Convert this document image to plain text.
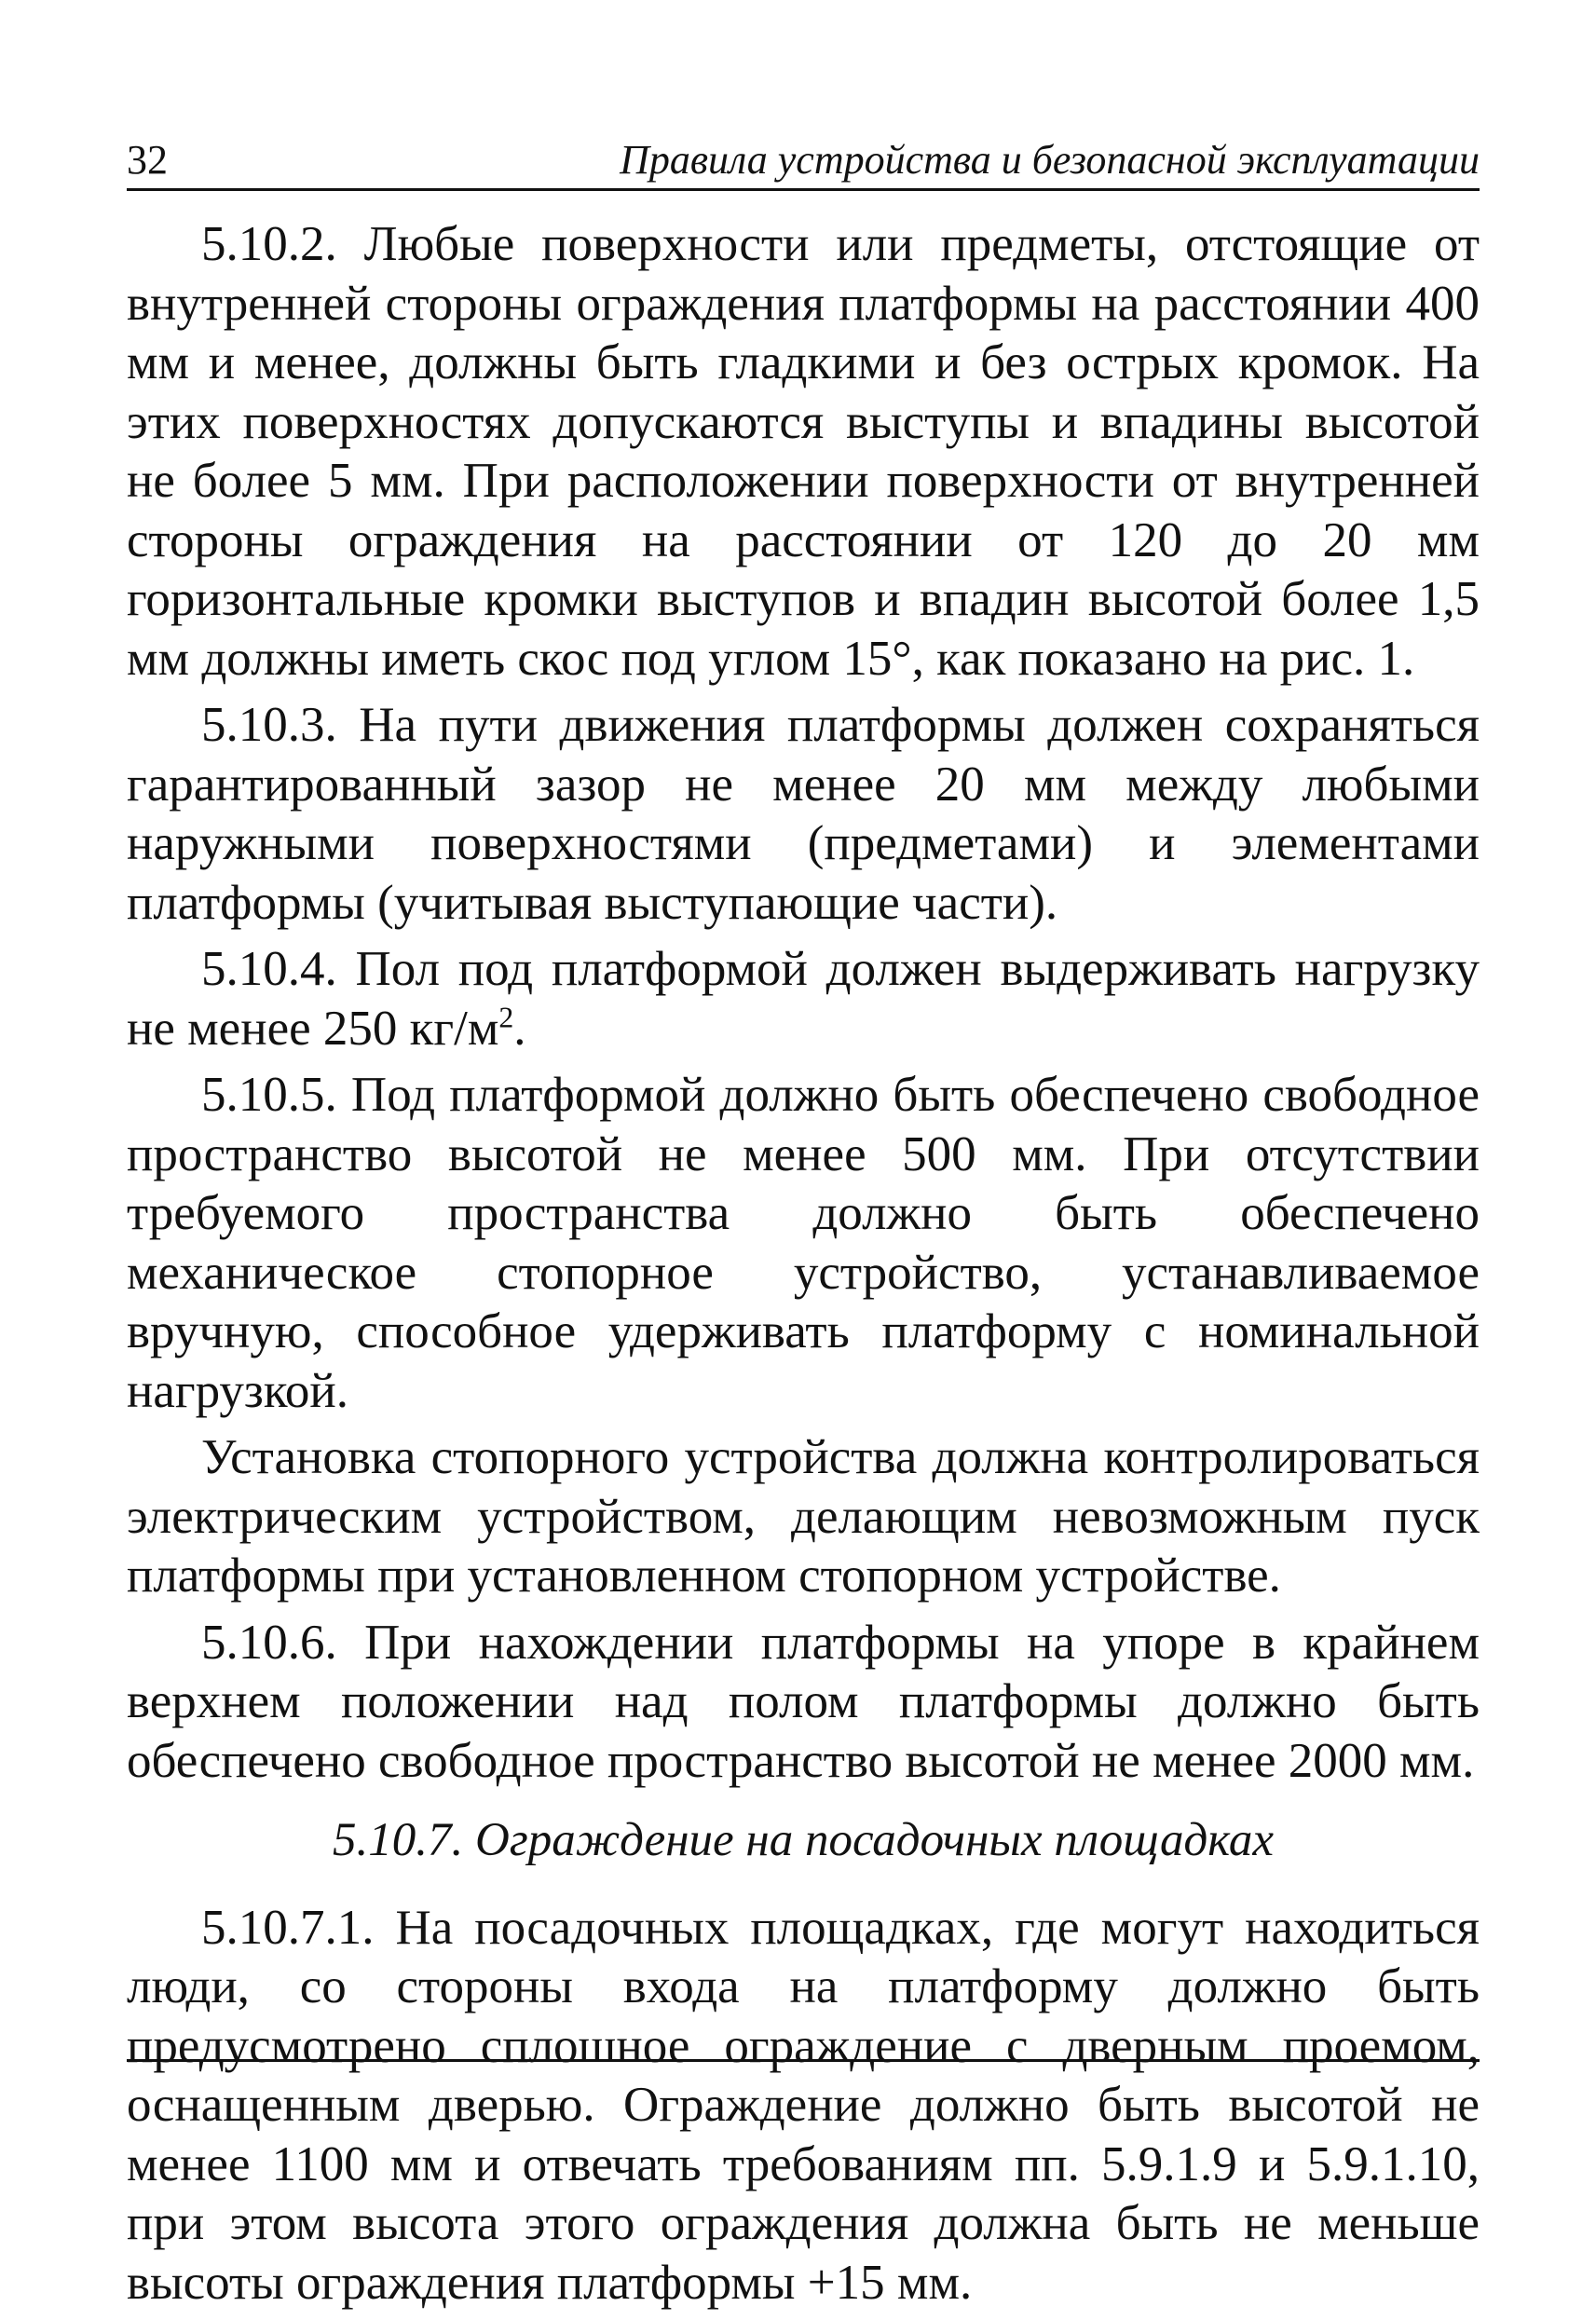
32	Правила устройства и безопасной эксплуатации

5.10.2. Любые поверхности или предметы, отстоящие от внутренней стороны ограждения платформы на расстоянии 400 мм и менее, должны быть гладкими и без острых кромок. На этих поверхностях допускаются выступы и впадины высотой не более 5 мм. При расположении поверхности от внутренней стороны ограждения на расстоянии от 120 до 20 мм горизонтальные кромки выступов и впадин высотой более 1,5 мм должны иметь скос под углом 15°, как показано на рис. 1.

5.10.3. На пути движения платформы должен сохраняться гарантированный зазор не менее 20 мм между любыми наружными поверхностями (предметами) и элементами платформы (учитывая выступающие части).

5.10.4. Пол под платформой должен выдерживать нагрузку не менее 250 $кг/м^2$.

5.10.5. Под платформой должно быть обеспечено свободное пространство высотой не менее 500 мм. При отсутствии требуемого пространства должно быть обеспечено механическое стопорное устройство, устанавливаемое вручную, способное удерживать платформу с номинальной нагрузкой.

Установка стопорного устройства должна контролироваться электрическим устройством, делающим невозможным пуск платформы при установленном стопорном устройстве.

5.10.6. При нахождении платформы на упоре в крайнем верхнем положении над полом платформы должно быть обеспечено свободное пространство высотой не менее 2000 мм.

5.10.7. Ограждение на посадочных площадках

5.10.7.1. На посадочных площадках, где могут находиться люди, со стороны входа на платформу должно быть предусмотрено сплошное ограждение с дверным проемом, оснащенным дверью. Ограждение должно быть высотой не менее 1100 мм и отвечать требованиям пп. 5.9.1.9 и 5.9.1.10, при этом высота этого ограждения должна быть не меньше высоты ограждения платформы +15 мм.
